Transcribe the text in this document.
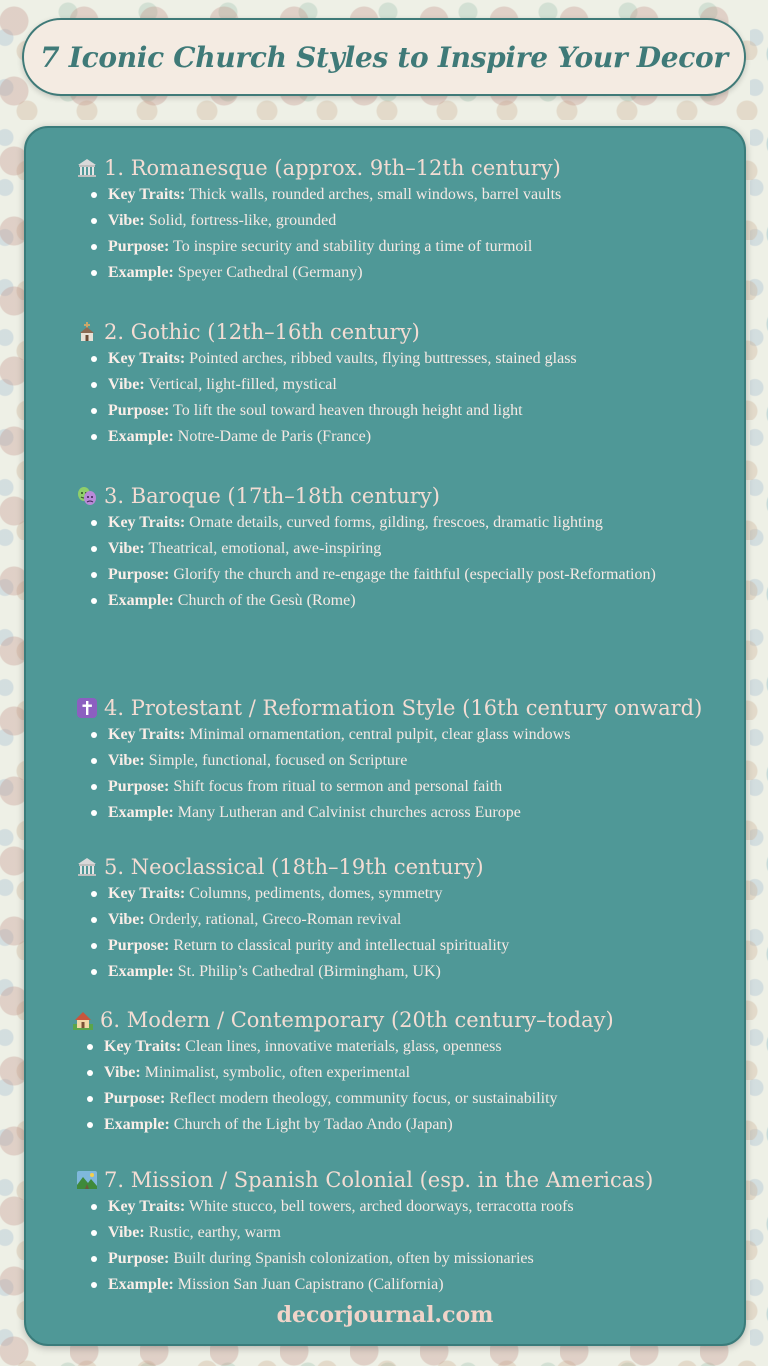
7 Iconic Church Styles to Inspire Your Decor
1. Romanesque (approx. 9th–12th century)
Key Traits: Thick walls, rounded arches, small windows, barrel vaults
Vibe: Solid, fortress-like, grounded
Purpose: To inspire security and stability during a time of turmoil
Example: Speyer Cathedral (Germany)
2. Gothic (12th–16th century)
Key Traits: Pointed arches, ribbed vaults, flying buttresses, stained glass
Vibe: Vertical, light-filled, mystical
Purpose: To lift the soul toward heaven through height and light
Example: Notre-Dame de Paris (France)
3. Baroque (17th–18th century)
Key Traits: Ornate details, curved forms, gilding, frescoes, dramatic lighting
Vibe: Theatrical, emotional, awe-inspiring
Purpose: Glorify the church and re-engage the faithful (especially post-Reformation)
Example: Church of the Gesù (Rome)
4. Protestant / Reformation Style (16th century onward)
Key Traits: Minimal ornamentation, central pulpit, clear glass windows
Vibe: Simple, functional, focused on Scripture
Purpose: Shift focus from ritual to sermon and personal faith
Example: Many Lutheran and Calvinist churches across Europe
5. Neoclassical (18th–19th century)
Key Traits: Columns, pediments, domes, symmetry
Vibe: Orderly, rational, Greco-Roman revival
Purpose: Return to classical purity and intellectual spirituality
Example: St. Philip’s Cathedral (Birmingham, UK)
6. Modern / Contemporary (20th century–today)
Key Traits: Clean lines, innovative materials, glass, openness
Vibe: Minimalist, symbolic, often experimental
Purpose: Reflect modern theology, community focus, or sustainability
Example: Church of the Light by Tadao Ando (Japan)
7. Mission / Spanish Colonial (esp. in the Americas)
Key Traits: White stucco, bell towers, arched doorways, terracotta roofs
Vibe: Rustic, earthy, warm
Purpose: Built during Spanish colonization, often by missionaries
Example: Mission San Juan Capistrano (California)

decorjournal.com
